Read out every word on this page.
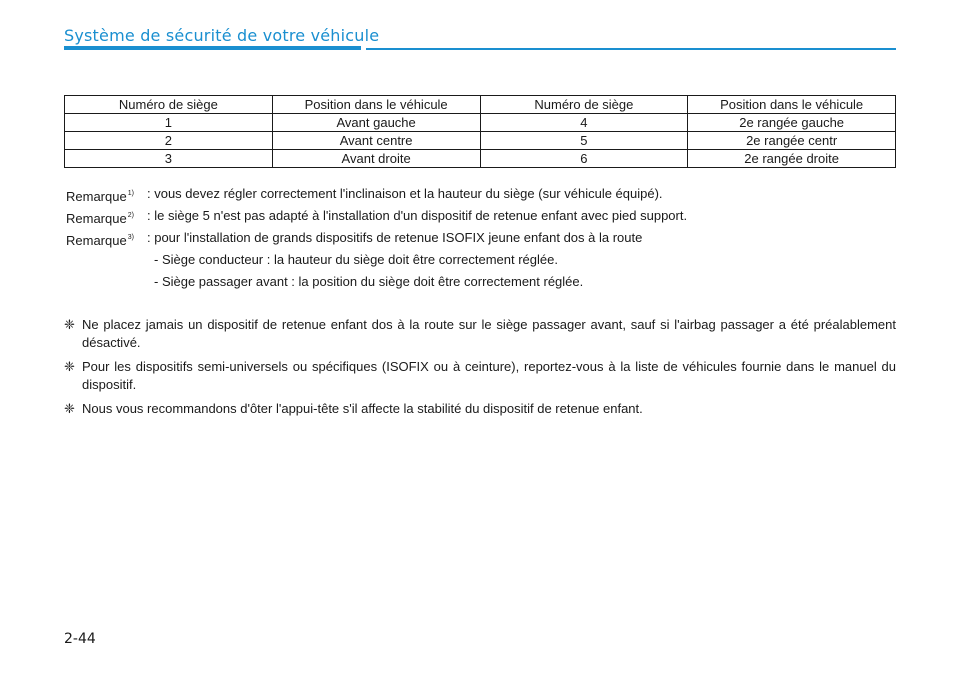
Système de sécurité de votre véhicule
Numéro de siège	Position dans le véhicule	Numéro de siège	Position dans le véhicule
1	Avant gauche	4	2e rangée gauche
2	Avant centre	5	2e rangée centr
3	Avant droite	6	2e rangée droite
Remarque$^{1)}$ : vous devez régler correctement l'inclinaison et la hauteur du siège (sur véhicule équipé).
Remarque$^{2)}$ : le siège 5 n'est pas adapté à l'installation d'un dispositif de retenue enfant avec pied support.
Remarque$^{3)}$ : pour l'installation de grands dispositifs de retenue ISOFIX jeune enfant dos à la route
- Siège conducteur : la hauteur du siège doit être correctement réglée.
- Siège passager avant : la position du siège doit être correctement réglée.
❈ Ne placez jamais un dispositif de retenue enfant dos à la route sur le siège passager avant, sauf si l'airbag passager a été préalablement désactivé.
❈ Pour les dispositifs semi-universels ou spécifiques (ISOFIX ou à ceinture), reportez-vous à la liste de véhicules fournie dans le manuel du dispositif.
❈ Nous vous recommandons d'ôter l'appui-tête s'il affecte la stabilité du dispositif de retenue enfant.
2-44
